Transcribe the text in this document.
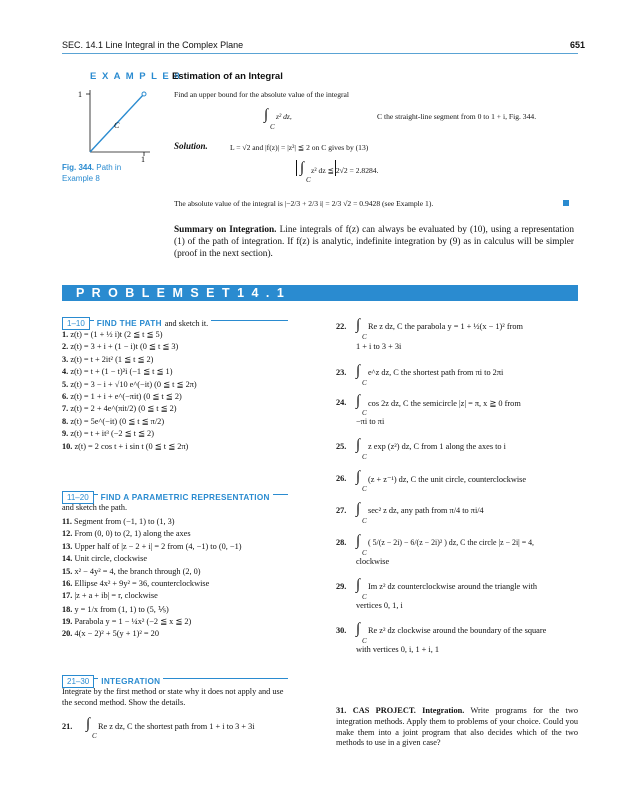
SEC. 14.1 Line Integral in the Complex Plane	651
E X A M P L E 8
Estimation of an Integral
Find an upper bound for the absolute value of the integral
∫
C
z² dz,	C the straight-line segment from 0 to 1 + i, Fig. 344.
Solution.	L = √2 and |f(z)| = |z²| ≦ 2 on C gives by (13)
∫
C
z² dz ≦ 2√2 = 2.8284.
The absolute value of the integral is |−2/3 + 2/3 i| = 2/3 √2 = 0.9428 (see Example 1).
1
1
C
Fig. 344. Path in
Example 8
Summary on Integration. Line integrals of f(z) can always be evaluated by (10), using a representation (1) of the path of integration. If f(z) is analytic, indefinite integration by (9) as in calculus will be simpler (proof in the next section).
P R O B L E M S E T 1 4 . 1
1–10 FIND THE PATH and sketch it.
1. z(t) = (1 + ½ i)t (2 ≦ t ≦ 5)
2. z(t) = 3 + i + (1 − i)t (0 ≦ t ≦ 3)
3. z(t) = t + 2it² (1 ≦ t ≦ 2)
4. z(t) = t + (1 − t)²i (−1 ≦ t ≦ 1)
5. z(t) = 3 − i + √10 e^(−it) (0 ≦ t ≦ 2π)
6. z(t) = 1 + i + e^(−πit) (0 ≦ t ≦ 2)
7. z(t) = 2 + 4e^(πit/2) (0 ≦ t ≦ 2)
8. z(t) = 5e^(−it) (0 ≦ t ≦ π/2)
9. z(t) = t + it³ (−2 ≦ t ≦ 2)
10. z(t) = 2 cos t + i sin t (0 ≦ t ≦ 2π)
11–20 FIND A PARAMETRIC REPRESENTATION
and sketch the path.
11. Segment from (−1, 1) to (1, 3)
12. From (0, 0) to (2, 1) along the axes
13. Upper half of |z − 2 + i| = 2 from (4, −1) to (0, −1)
14. Unit circle, clockwise
15. x² − 4y² = 4, the branch through (2, 0)
16. Ellipse 4x² + 9y² = 36, counterclockwise
17. |z + a + ib| = r, clockwise
18. y = 1/x from (1, 1) to (5, ⅕)
19. Parabola y = 1 − ¼x² (−2 ≦ x ≦ 2)
20. 4(x − 2)² + 5(y + 1)² = 20
21–30 INTEGRATION
Integrate by the first method or state why it does not apply and use the second method. Show the details.
21. ∫
C
Re z dz, C the shortest path from 1 + i to 3 + 3i
22. ∫
C
Re z dz, C the parabola y = 1 + ½(x − 1)² from
1 + i to 3 + 3i
23. ∫
C
e^z dz, C the shortest path from πi to 2πi
24. ∫
C
cos 2z dz, C the semicircle |z| = π, x ≧ 0 from
−πi to πi
25. ∫
C
z exp (z²) dz, C from 1 along the axes to i
26. ∫
C
(z + z⁻¹) dz, C the unit circle, counterclockwise
27. ∫
C
sec² z dz, any path from π/4 to πi/4
28. ∫
C
( 5/(z − 2i) − 6/(z − 2i)² ) dz, C the circle |z − 2i| = 4,
clockwise
29. ∫
C
Im z² dz counterclockwise around the triangle with
vertices 0, 1, i
30. ∫
C
Re z² dz clockwise around the boundary of the square
with vertices 0, i, 1 + i, 1
31. CAS PROJECT. Integration. Write programs for the two integration methods. Apply them to problems of your choice. Could you make them into a joint program that also decides which of the two methods to use in a given case?
